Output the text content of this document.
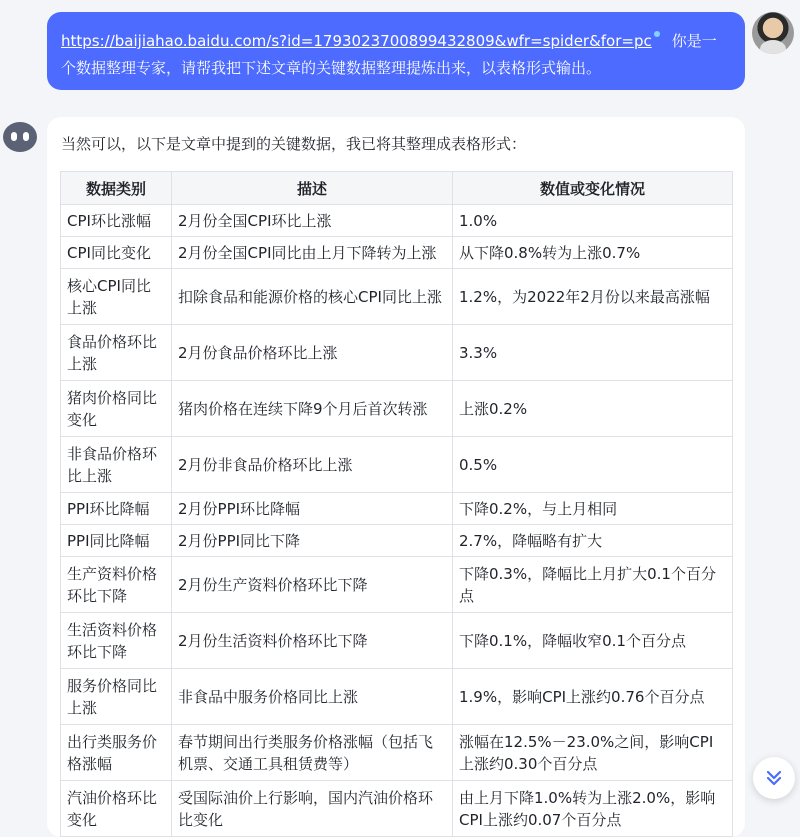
https://baijiahao.baidu.com/s?id=1793023700899432809&wfr=spider&for=pc 你是一个数据整理专家，请帮我把下述文章的关键数据整理提炼出来，以表格形式输出。
当然可以，以下是文章中提到的关键数据，我已将其整理成表格形式：
数据类别	描述	数值或变化情况
CPI环比涨幅	2月份全国CPI环比上涨	1.0%
CPI同比变化	2月份全国CPI同比由上月下降转为上涨	从下降0.8%转为上涨0.7%
核心CPI同比上涨	扣除食品和能源价格的核心CPI同比上涨	1.2%，为2022年2月份以来最高涨幅
食品价格环比上涨	2月份食品价格环比上涨	3.3%
猪肉价格同比变化	猪肉价格在连续下降9个月后首次转涨	上涨0.2%
非食品价格环比上涨	2月份非食品价格环比上涨	0.5%
PPI环比降幅	2月份PPI环比降幅	下降0.2%，与上月相同
PPI同比降幅	2月份PPI同比下降	2.7%，降幅略有扩大
生产资料价格环比下降	2月份生产资料价格环比下降	下降0.3%，降幅比上月扩大0.1个百分点
生活资料价格环比下降	2月份生活资料价格环比下降	下降0.1%，降幅收窄0.1个百分点
服务价格同比上涨	非食品中服务价格同比上涨	1.9%，影响CPI上涨约0.76个百分点
出行类服务价格涨幅	春节期间出行类服务价格涨幅（包括飞机票、交通工具租赁费等）	涨幅在12.5%－23.0%之间，影响CPI上涨约0.30个百分点
汽油价格环比变化	受国际油价上行影响，国内汽油价格环比变化	由上月下降1.0%转为上涨2.0%，影响CPI上涨约0.07个百分点
